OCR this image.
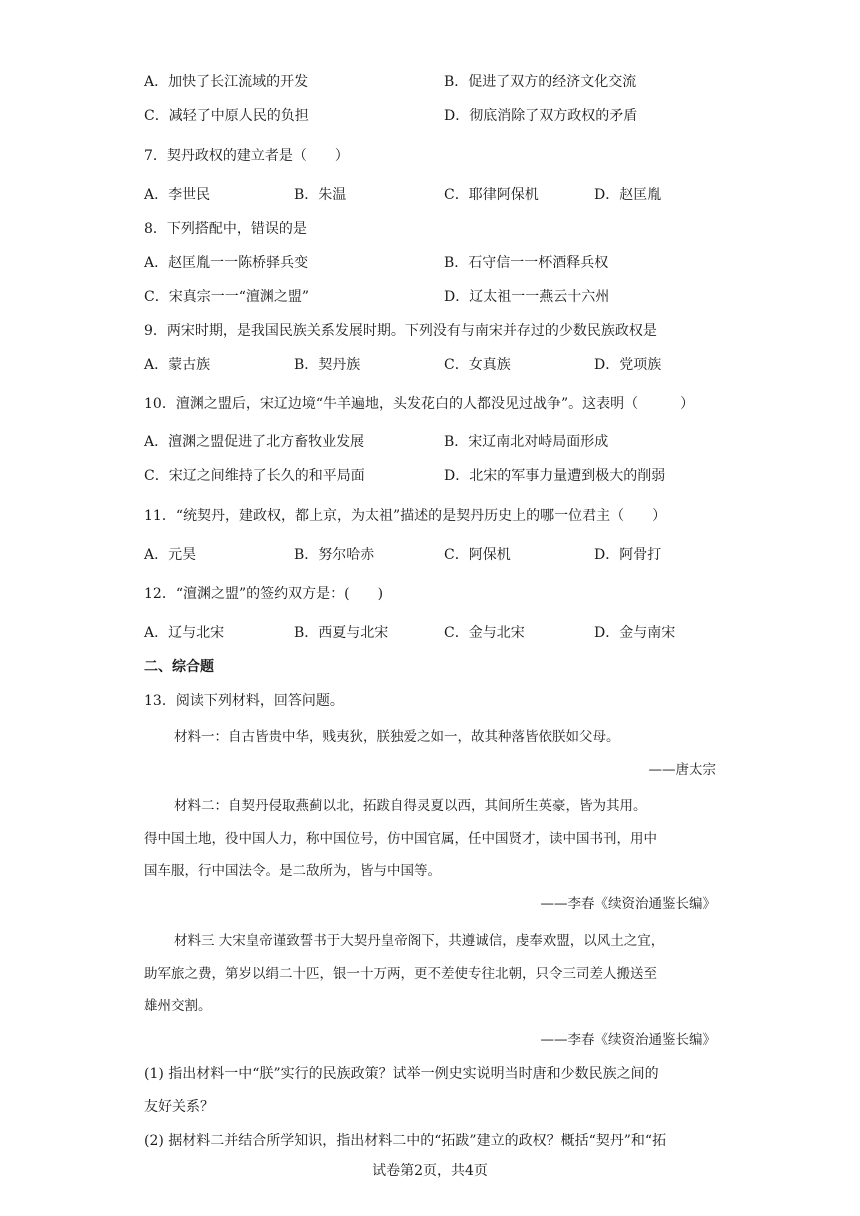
A．加快了长江流域的开发	B．促进了双方的经济文化交流
C．减轻了中原人民的负担	D．彻底消除了双方政权的矛盾
7．契丹政权的建立者是（　　）
A．李世民	B．朱温	C．耶律阿保机	D．赵匡胤
8．下列搭配中，错误的是
A．赵匡胤一一陈桥驿兵变	B．石守信一一杯酒释兵权
C．宋真宗一一“澶渊之盟”	D．辽太祖一一燕云十六州
9．两宋时期，是我国民族关系发展时期。下列没有与南宋并存过的少数民族政权是
A．蒙古族	B．契丹族	C．女真族	D．党项族
10．澶渊之盟后，宋辽边境“牛羊遍地，头发花白的人都没见过战争”。这表明（　　　）
A．澶渊之盟促进了北方畜牧业发展	B．宋辽南北对峙局面形成
C．宋辽之间维持了长久的和平局面	D．北宋的军事力量遭到极大的削弱
11．“统契丹，建政权，都上京，为太祖”描述的是契丹历史上的哪一位君主（　　）
A．元昊	B．努尔哈赤	C．阿保机	D．阿骨打
12．“澶渊之盟”的签约双方是：(　　)
A．辽与北宋	B．西夏与北宋	C．金与北宋	D．金与南宋
二、综合题
13．阅读下列材料，回答问题。
材料一：自古皆贵中华，贱夷狄，朕独爱之如一，故其种落皆依朕如父母。
——唐太宗
材料二：自契丹侵取燕蓟以北，拓跋自得灵夏以西，其间所生英豪，皆为其用。
得中国土地，役中国人力，称中国位号，仿中国官属，任中国贤才，读中国书刊，用中
国车服，行中国法令。是二敌所为，皆与中国等。
——李春《续资治通鉴长编》
材料三 大宋皇帝谨致誓书于大契丹皇帝阁下，共遵诚信，虔奉欢盟，以风土之宜，
助军旅之费，第岁以绢二十匹，银一十万两，更不差使专往北朝，只令三司差人搬送至
雄州交割。
——李春《续资治通鉴长编》
(1) 指出材料一中“朕”实行的民族政策？试举一例史实说明当时唐和少数民族之间的
友好关系？
(2) 据材料二并结合所学知识，指出材料二中的“拓跋”建立的政权？概括“契丹”和“拓
试卷第2页，共4页
